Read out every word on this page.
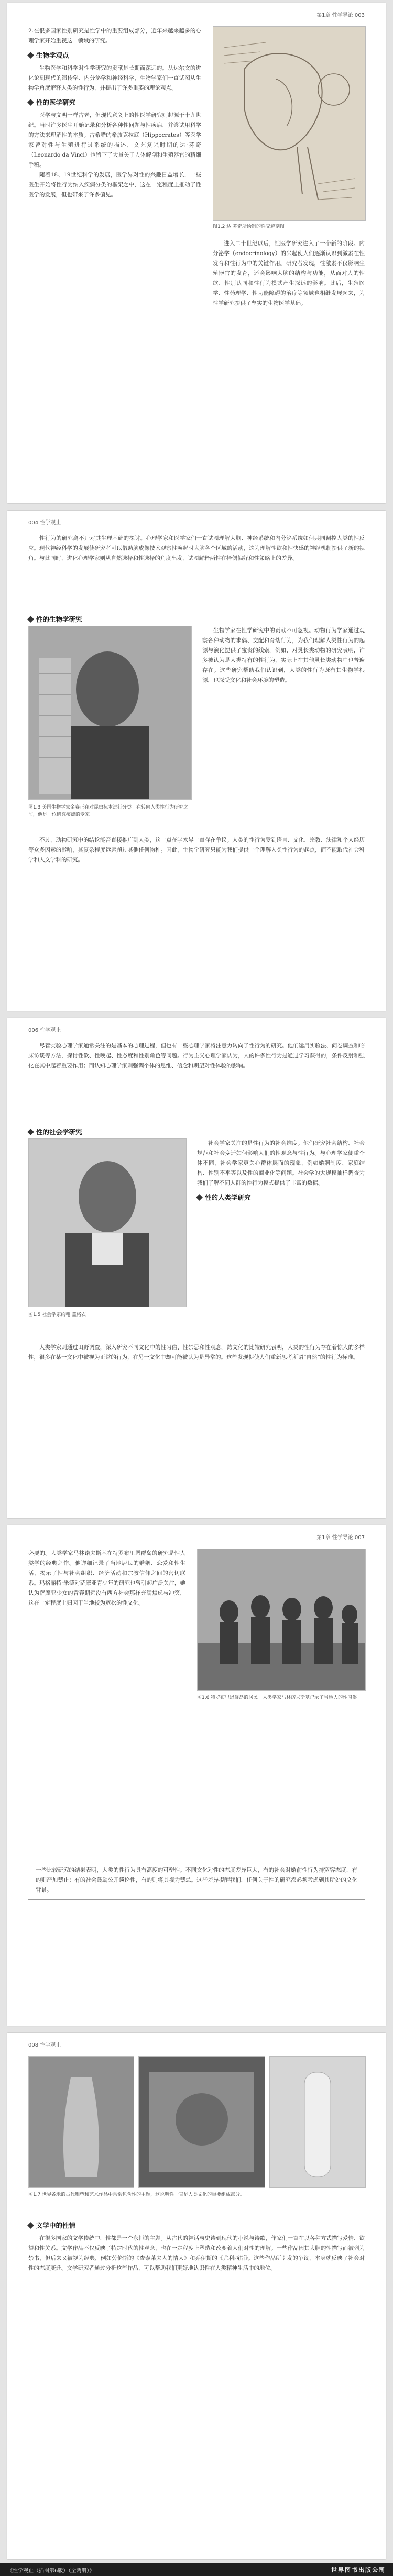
第1章 性学导论 003

2.在很多国家性别研究是性学中的重要组成部分，近年来越来越多的心理学家开始重视这一领域的研究。

生物学观点

生物医学和科学对性学研究的贡献是长期而深远的。从达尔文的进化论到现代的遗传学、内分泌学和神经科学，生物学家们一直试图从生物学角度解释人类的性行为，并提出了许多重要的理论观点。

性的医学研究

医学与文明一样古老，但现代意义上的性医学研究则起源于十九世纪。当时许多医生开始记录和分析各种性问题与性疾病，并尝试用科学的方法来理解性的本质。古希腊的希波克拉底（Hippocrates）等医学家曾对性与生殖进行过系统的描述，文艺复兴时期的达·芬奇（Leonardo da Vinci）也留下了大量关于人体解剖和生殖器官的精细手稿。

随着18、19世纪科学的发展，医学界对性的兴趣日益增长，一些医生开始将性行为纳入疾病分类的框架之中，这在一定程度上推动了性医学的发展，但也带来了许多偏见。

图1.2 达·芬奇所绘制的性交解剖图

进入二十世纪以后，性医学研究进入了一个新的阶段。内分泌学（endocrinology）的兴起使人们逐渐认识到激素在性发育和性行为中的关键作用。研究者发现，性激素不仅影响生殖器官的发育，还会影响大脑的结构与功能，从而对人的性欲、性别认同和性行为模式产生深远的影响。此后，生殖医学、性药理学、性功能障碍的治疗等领域也相继发展起来，为性学研究提供了坚实的生物医学基础。

004 性学观止

性行为的研究离不开对其生理基础的探讨。心理学家和医学家们一直试图理解大脑、神经系统和内分泌系统如何共同调控人类的性反应。现代神经科学的发展使研究者可以借助脑成像技术观察性唤起时大脑各个区域的活动，这为理解性欲和性快感的神经机制提供了新的视角。与此同时，进化心理学家则从自然选择和性选择的角度出发，试图解释两性在择偶偏好和性策略上的差异。

性的生物学研究
图1.3 美国生物学家金赛正在对昆虫标本进行分类。在转向人类性行为研究之前，他是一位研究瘿蜂的专家。

生物学家在性学研究中的贡献不可忽视。动物行为学家通过观察各种动物的求偶、交配和育幼行为，为我们理解人类性行为的起源与演化提供了宝贵的线索。例如，对灵长类动物的研究表明，许多被认为是人类特有的性行为，实际上在其他灵长类动物中也普遍存在。这些研究帮助我们认识到，人类的性行为既有其生物学根源，也深受文化和社会环境的塑造。

不过，动物研究中的结论能否直接推广到人类，这一点在学术界一直存在争议。人类的性行为受到语言、文化、宗教、法律和个人经历等众多因素的影响，其复杂程度远远超过其他任何物种。因此，生物学研究只能为我们提供一个理解人类性行为的起点，而不能取代社会科学和人文学科的研究。

006 性学观止

尽管实验心理学家通常关注的是基本的心理过程，但也有一些心理学家将注意力转向了性行为的研究。他们运用实验法、问卷调查和临床访谈等方法，探讨性欲、性唤起、性态度和性别角色等问题。行为主义心理学家认为，人的许多性行为是通过学习获得的，条件反射和强化在其中起着重要作用；而认知心理学家则强调个体的思维、信念和期望对性体验的影响。

性的社会学研究
图1.5 社会学家约翰·盖格农

社会学家关注的是性行为的社会维度。他们研究社会结构、社会规范和社会变迁如何影响人们的性观念与性行为。与心理学家侧重个体不同，社会学家更关心群体层面的现象，例如婚姻制度、家庭结构、性别不平等以及性的商业化等问题。社会学的大规模抽样调查为我们了解不同人群的性行为模式提供了丰富的数据。

性的人类学研究

人类学家则通过田野调查，深入研究不同文化中的性习俗、性禁忌和性观念。跨文化的比较研究表明，人类的性行为存在着惊人的多样性，很多在某一文化中被视为正常的行为，在另一文化中却可能被认为是异常的。这些发现促使人们重新思考所谓“自然”的性行为标准。

第1章 性学导论 007

必要的。人类学家马林诺夫斯基在特罗布里恩群岛的研究是性人类学的经典之作。他详细记录了当地居民的婚姻、恋爱和性生活，揭示了性与社会组织、经济活动和宗教信仰之间的密切联系。玛格丽特·米德对萨摩亚青少年的研究也曾引起广泛关注，她认为萨摩亚少女的青春期远没有西方社会那样充满焦虑与冲突，这在一定程度上归因于当地较为宽松的性文化。

图1.6 特罗布里恩群岛的居民。人类学家马林诺夫斯基记录了当地人的性习俗。
一些比较研究的结果表明，人类的性行为具有高度的可塑性。不同文化对性的态度差异巨大，有的社会对婚前性行为持宽容态度，有的则严加禁止；有的社会鼓励公开谈论性，有的则将其视为禁忌。这些差异提醒我们，任何关于性的研究都必须考虑到其所处的文化背景。
008 性学观止
图1.7 世界各地的古代雕塑和艺术作品中常常包含性的主题，这说明性一直是人类文化的重要组成部分。
文学中的性情

在很多国家的文学传统中，性都是一个永恒的主题。从古代的神话与史诗到现代的小说与诗歌，作家们一直在以各种方式描写爱情、欲望和性关系。文学作品不仅反映了特定时代的性观念，也在一定程度上塑造和改变着人们对性的理解。一些作品因其大胆的性描写而被列为禁书，但后来又被视为经典，例如劳伦斯的《查泰莱夫人的情人》和乔伊斯的《尤利西斯》。这些作品所引发的争议，本身就反映了社会对性的态度变迁。文学研究者通过分析这些作品，可以帮助我们更好地认识性在人类精神生活中的地位。

《性学观止（插图第6版）（全两册）》	世界图书出版公司
